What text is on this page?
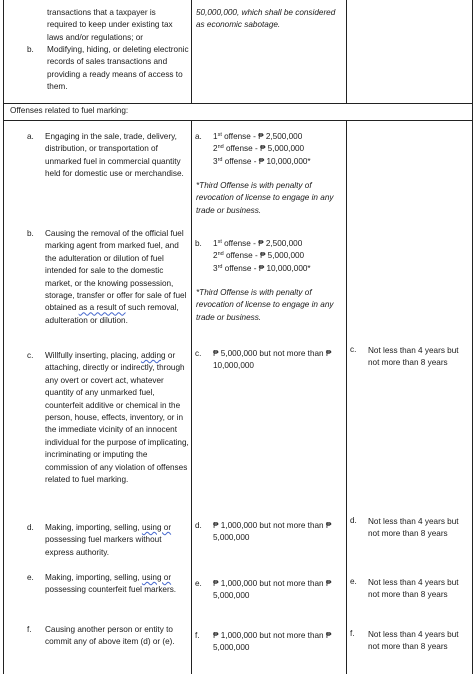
transactions that a taxpayer is required to keep under existing tax laws and/or regulations; or

b. Modifying, hiding, or deleting electronic records of sales transactions and providing a ready means of access to them.

50,000,000, which shall be considered as economic sabotage.

Offenses related to fuel marking:
a. Engaging in the sale, trade, delivery, distribution, or transportation of unmarked fuel in commercial quantity held for domestic use or merchandise.
a. 1st offense - ₱ 2,500,000

2nd offense - ₱ 5,000,000

3rd offense - ₱ 10,000,000*

*Third Offense is with penalty of revocation of license to engage in any trade or business.
b. Causing the removal of the official fuel marking agent from marked fuel, and the adulteration or dilution of fuel intended for sale to the domestic market, or the knowing possession, storage, transfer or offer for sale of fuel obtained as a result of such removal, adulteration or dilution.
b. 1st offense - ₱ 2,500,000

2nd offense - ₱ 5,000,000

3rd offense - ₱ 10,000,000*

*Third Offense is with penalty of revocation of license to engage in any trade or business.
c. Willfully inserting, placing, adding or attaching, directly or indirectly, through any overt or covert act, whatever quantity of any unmarked fuel, counterfeit additive or chemical in the person, house, effects, inventory, or in the immediate vicinity of an innocent individual for the purpose of implicating, incriminating or imputing the commission of any violation of offenses related to fuel marking.
c. ₱ 5,000,000 but not more than ₱ 10,000,000
c. Not less than 4 years but not more than 8 years
d. Making, importing, selling, using or possessing fuel markers without express authority.
d. ₱ 1,000,000 but not more than ₱ 5,000,000
d. Not less than 4 years but not more than 8 years
e. Making, importing, selling, using or possessing counterfeit fuel markers.
e. ₱ 1,000,000 but not more than ₱ 5,000,000
e. Not less than 4 years but not more than 8 years
f. Causing another person or entity to commit any of above item (d) or (e).
f. ₱ 1,000,000 but not more than ₱ 5,000,000
f. Not less than 4 years but not more than 8 years
